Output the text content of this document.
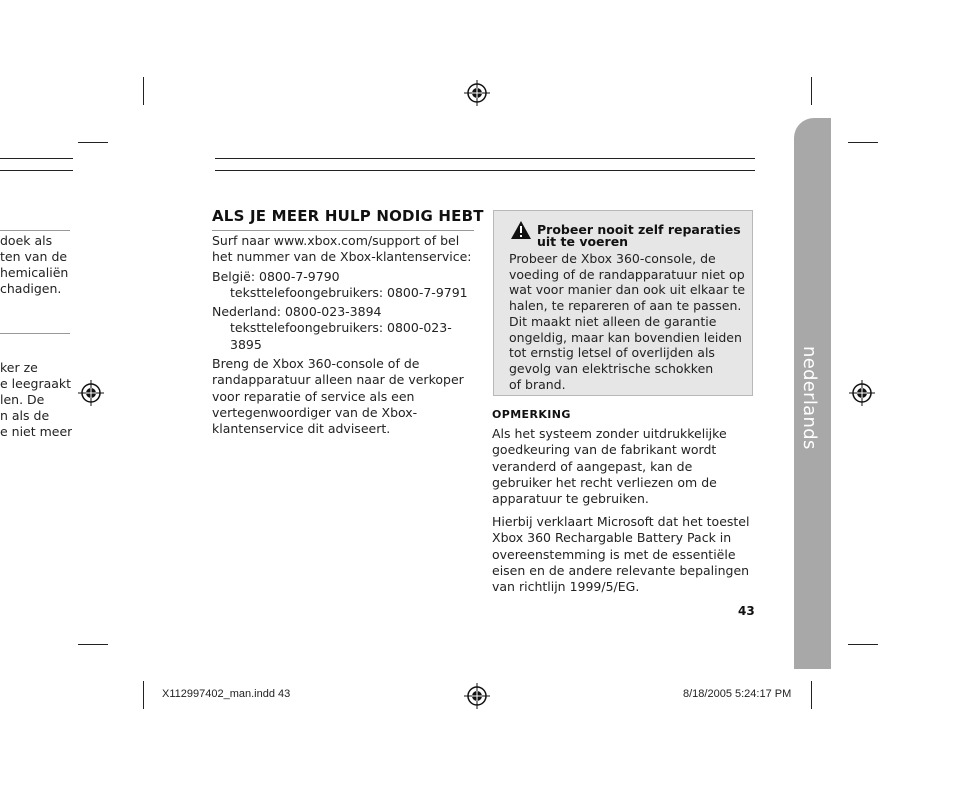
doek als
ten van de
hemicaliën
chadigen.
ker ze
e leegraakt
len. De
n als de
e niet meer
ALS JE MEER HULP NODIG HEBT
Surf naar www.xbox.com/support of bel
het nummer van de Xbox-klantenservice:
België: 0800-7-9790
teksttelefoongebruikers: 0800-7-9791
Nederland: 0800-023-3894
teksttelefoongebruikers: 0800-023-3895
Breng de Xbox 360-console of de
randapparatuur alleen naar de verkoper
voor reparatie of service als een
vertegenwoordiger van de Xbox-
klantenservice dit adviseert.
Probeer nooit zelf reparaties
uit te voeren
Probeer de Xbox 360-console, de
voeding of de randapparatuur niet op
wat voor manier dan ook uit elkaar te
halen, te repareren of aan te passen.
Dit maakt niet alleen de garantie
ongeldig, maar kan bovendien leiden
tot ernstig letsel of overlijden als
gevolg van elektrische schokken
of brand.
OPMERKING
Als het systeem zonder uitdrukkelijke
goedkeuring van de fabrikant wordt
veranderd of aangepast, kan de
gebruiker het recht verliezen om de
apparatuur te gebruiken.
Hierbij verklaart Microsoft dat het toestel
Xbox 360 Rechargable Battery Pack in
overeenstemming is met de essentiële
eisen en de andere relevante bepalingen
van richtlijn 1999/5/EG.
43
nederlands
X112997402_man.indd 43	8/18/2005 5:24:17 PM
